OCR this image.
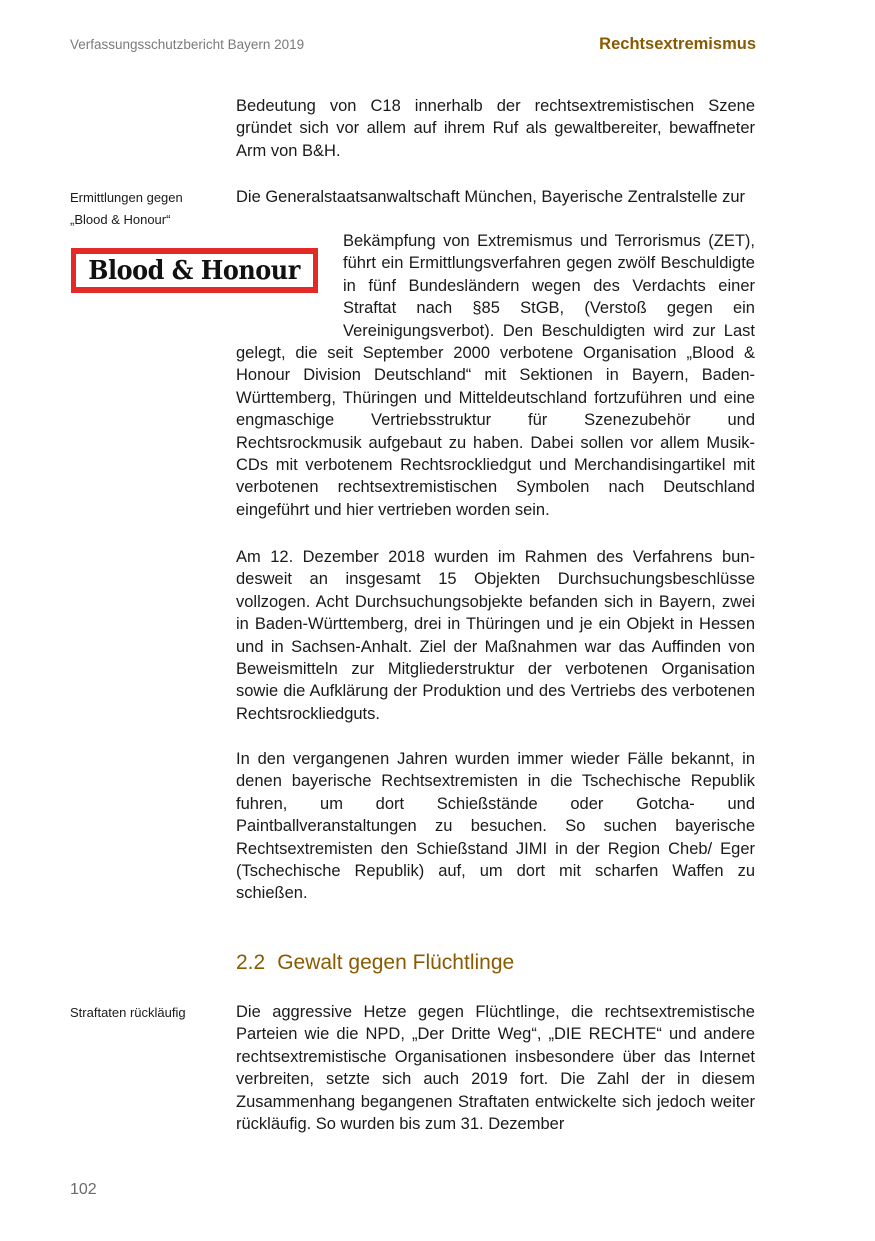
Verfassungsschutzbericht Bayern 2019	Rechtsextremismus

Bedeutung von C18 innerhalb der rechtsextremistischen Szene gründet sich vor allem auf ihrem Ruf als gewaltbereiter, bewaffneter Arm von B&H.

Ermittlungen gegen
„Blood & Honour“
Blood & Honour

Die Generalstaatsanwaltschaft München, Bayerische Zentralstelle zur

Bekämpfung von Extremismus und Terrorismus (ZET), führt ein Ermittlungsverfahren gegen zwölf Beschuldigte in fünf Bundesländern wegen des Verdachts einer Straftat nach §85 StGB, (Verstoß gegen ein Vereinigungsverbot). Den Beschuldigten wird zur Last gelegt, die seit September 2000 verbotene Organisation „Blood & Honour Division Deutschland“ mit Sektionen in Bayern, Baden-Württemberg, Thüringen und Mitteldeutschland fortzuführen und eine engmaschige Vertriebsstruktur für Szenezubehör und Rechtsrockmusik aufgebaut zu haben. Dabei sollen vor allem Musik-CDs mit verbotenem Rechtsrockliedgut und Merchandisingartikel mit verbotenen rechtsextremistischen Symbolen nach Deutschland eingeführt und hier vertrieben worden sein.

Am 12. Dezember 2018 wurden im Rahmen des Verfahrens bundesweit an insgesamt 15 Objekten Durchsuchungsbeschlüsse vollzogen. Acht Durchsuchungsobjekte befanden sich in Bayern, zwei in Baden-Württemberg, drei in Thüringen und je ein Objekt in Hessen und in Sachsen-Anhalt. Ziel der Maßnahmen war das Auffinden von Beweismitteln zur Mitgliederstruktur der verbotenen Organisation sowie die Aufklärung der Produktion und des Vertriebs des verbotenen Rechtsrockliedguts.

In den vergangenen Jahren wurden immer wieder Fälle bekannt, in denen bayerische Rechtsextremisten in die Tschechische Republik fuhren, um dort Schießstände oder Gotcha- und Paintballveranstaltungen zu besuchen. So suchen bayerische Rechtsextremisten den Schießstand JIMI in der Region Cheb/ Eger (Tschechische Republik) auf, um dort mit scharfen Waffen zu schießen.

2.2 Gewalt gegen Flüchtlinge
Straftaten rückläufig	Die aggressive Hetze gegen Flüchtlinge, die rechtsextremistische Parteien wie die NPD, „Der Dritte Weg“, „DIE RECHTE“ und andere rechtsextremistische Organisationen insbesondere über das Internet verbreiten, setzte sich auch 2019 fort. Die Zahl der in diesem Zusammenhang begangenen Straftaten entwickelte sich jedoch weiter rückläufig. So wurden bis zum 31. Dezember

102
